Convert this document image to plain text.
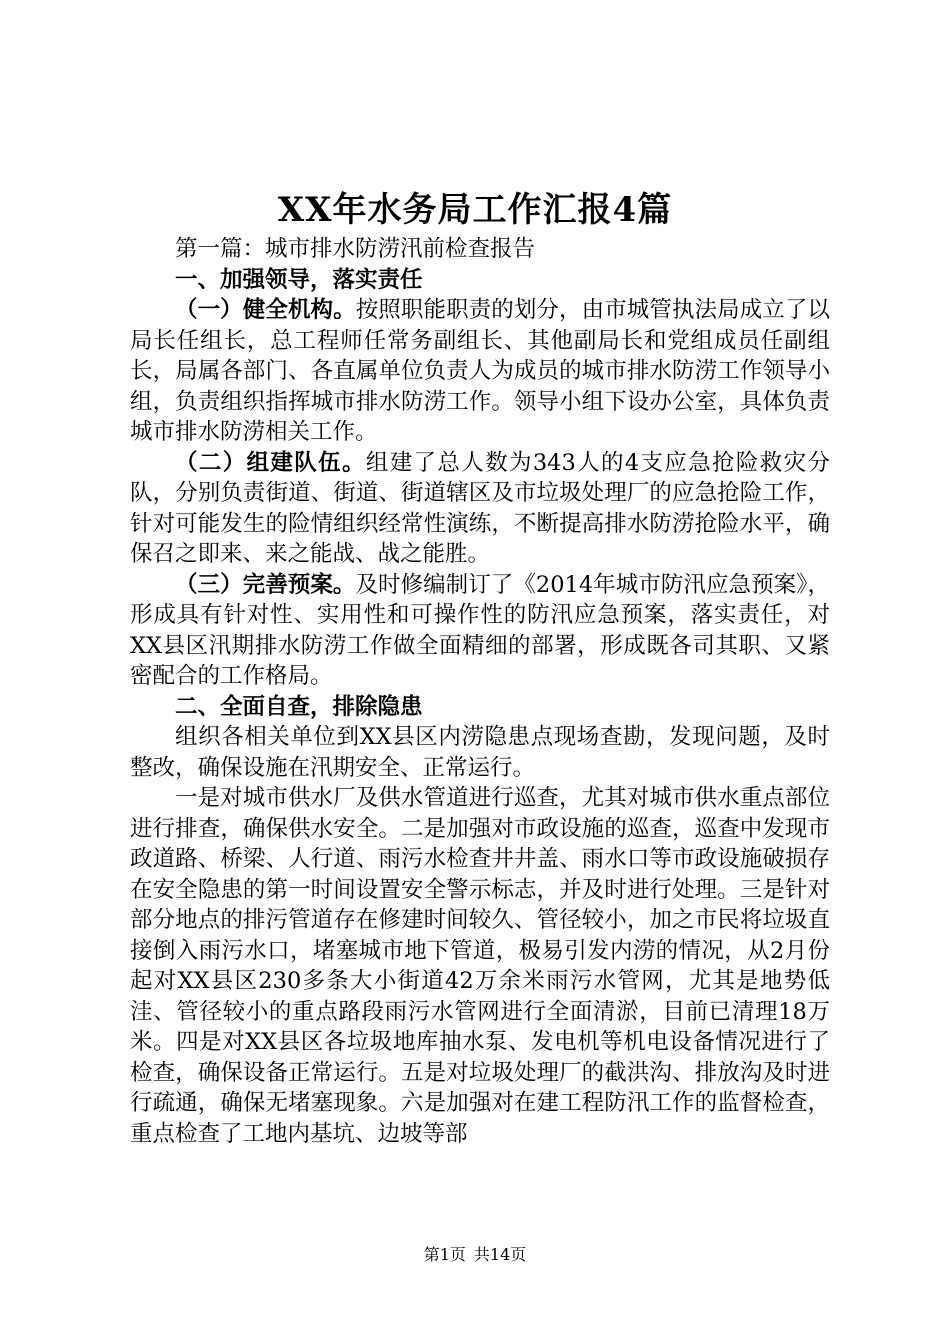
XX年水务局工作汇报4篇

第一篇：城市排水防涝汛前检查报告

一、加强领导，落实责任

（一）健全机构。按照职能职责的划分，由市城管执法局成立了以局长任组长，总工程师任常务副组长、其他副局长和党组成员任副组长，局属各部门、各直属单位负责人为成员的城市排水防涝工作领导小组，负责组织指挥城市排水防涝工作。领导小组下设办公室，具体负责城市排水防涝相关工作。

（二）组建队伍。组建了总人数为343人的4支应急抢险救灾分队，分别负责街道、街道、街道辖区及市垃圾处理厂的应急抢险工作，针对可能发生的险情组织经常性演练，不断提高排水防涝抢险水平，确保召之即来、来之能战、战之能胜。

（三）完善预案。及时修编制订了《2014年城市防汛应急预案》，形成具有针对性、实用性和可操作性的防汛应急预案，落实责任，对XX县区汛期排水防涝工作做全面精细的部署，形成既各司其职、又紧密配合的工作格局。

二、全面自查，排除隐患

组织各相关单位到XX县区内涝隐患点现场查勘，发现问题，及时整改，确保设施在汛期安全、正常运行。

一是对城市供水厂及供水管道进行巡查，尤其对城市供水重点部位进行排查，确保供水安全。二是加强对市政设施的巡查，巡查中发现市政道路、桥梁、人行道、雨污水检查井井盖、雨水口等市政设施破损存在安全隐患的第一时间设置安全警示标志，并及时进行处理。三是针对部分地点的排污管道存在修建时间较久、管径较小，加之市民将垃圾直接倒入雨污水口，堵塞城市地下管道，极易引发内涝的情况，从2月份起对XX县区230多条大小街道42万余米雨污水管网，尤其是地势低洼、管径较小的重点路段雨污水管网进行全面清淤，目前已清理18万米。四是对XX县区各垃圾地库抽水泵、发电机等机电设备情况进行了检查，确保设备正常运行。五是对垃圾处理厂的截洪沟、排放沟及时进行疏通，确保无堵塞现象。六是加强对在建工程防汛工作的监督检查，重点检查了工地内基坑、边坡等部

第1页 共14页
